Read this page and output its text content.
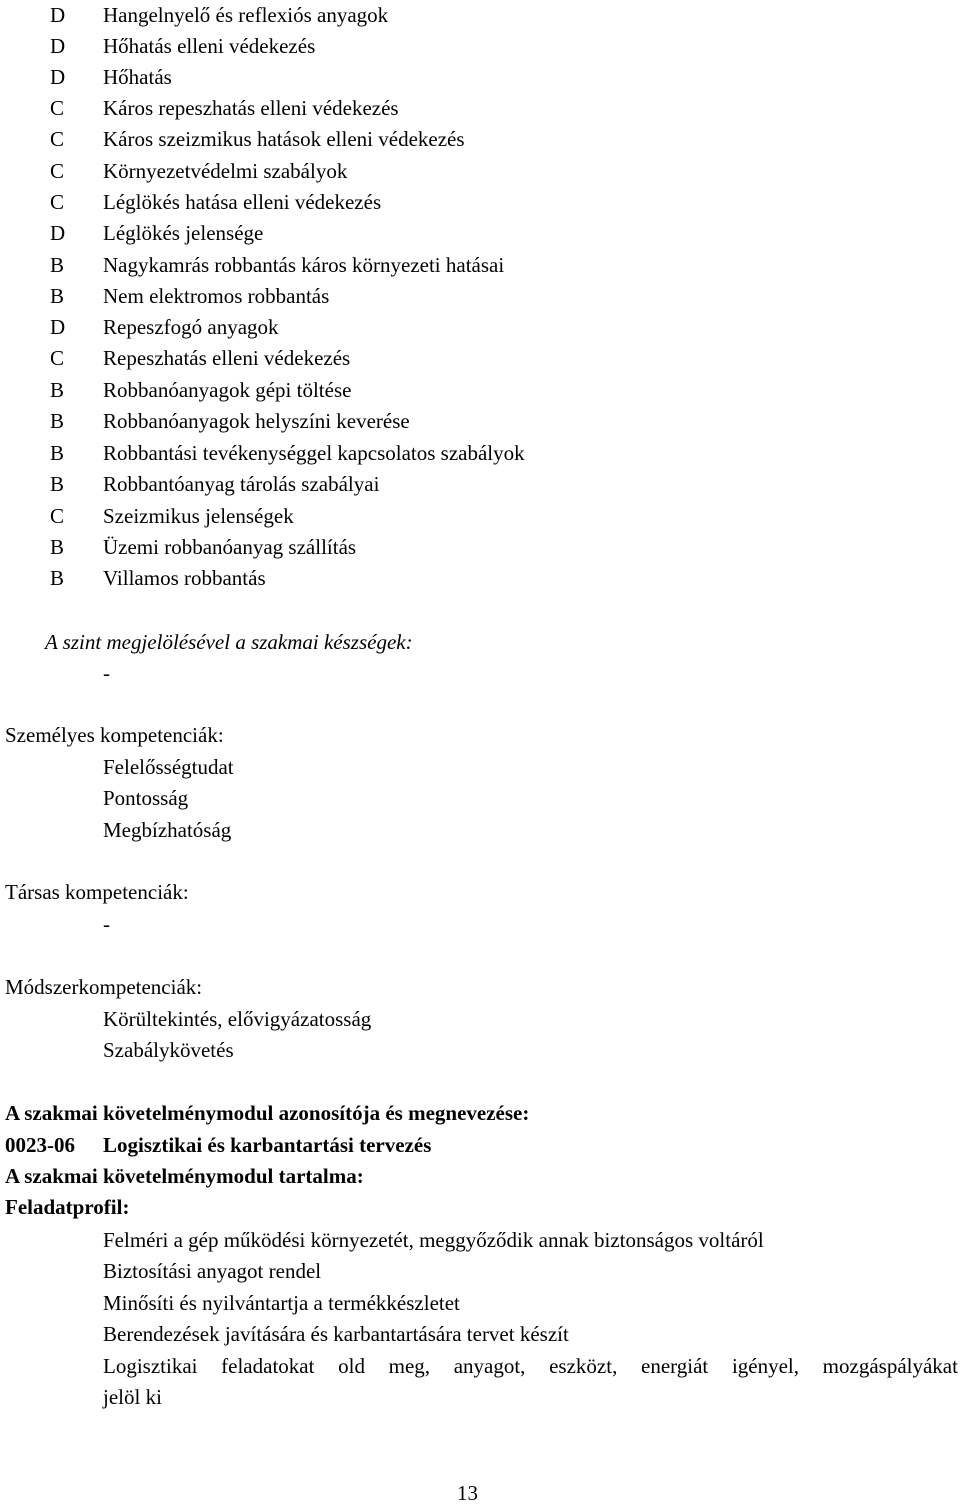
D	Hangelnyelő és reflexiós anyagok
D	Hőhatás elleni védekezés
D	Hőhatás
C	Káros repeszhatás elleni védekezés
C	Káros szeizmikus hatások elleni védekezés
C	Környezetvédelmi szabályok
C	Léglökés hatása elleni védekezés
D	Léglökés jelensége
B	Nagykamrás robbantás káros környezeti hatásai
B	Nem elektromos robbantás
D	Repeszfogó anyagok
C	Repeszhatás elleni védekezés
B	Robbanóanyagok gépi töltése
B	Robbanóanyagok helyszíni keverése
B	Robbantási tevékenységgel kapcsolatos szabályok
B	Robbantóanyag tárolás szabályai
C	Szeizmikus jelenségek
B	Üzemi robbanóanyag szállítás
B	Villamos robbantás
A szint megjelölésével a szakmai készségek:
-
Személyes kompetenciák:
Felelősségtudat
Pontosság
Megbízhatóság
Társas kompetenciák:
-
Módszerkompetenciák:
Körültekintés, elővigyázatosság
Szabálykövetés
A szakmai követelménymodul azonosítója és megnevezése:
0023-06 Logisztikai és karbantartási tervezés
A szakmai követelménymodul tartalma:
Feladatprofil:
Felméri a gép működési környezetét, meggyőződik annak biztonságos voltáról
Biztosítási anyagot rendel
Minősíti és nyilvántartja a termékkészletet
Berendezések javítására és karbantartására tervet készít
Logisztikai feladatokat old meg, anyagot, eszközt, energiát igényel, mozgáspályákat
jelöl ki
13
